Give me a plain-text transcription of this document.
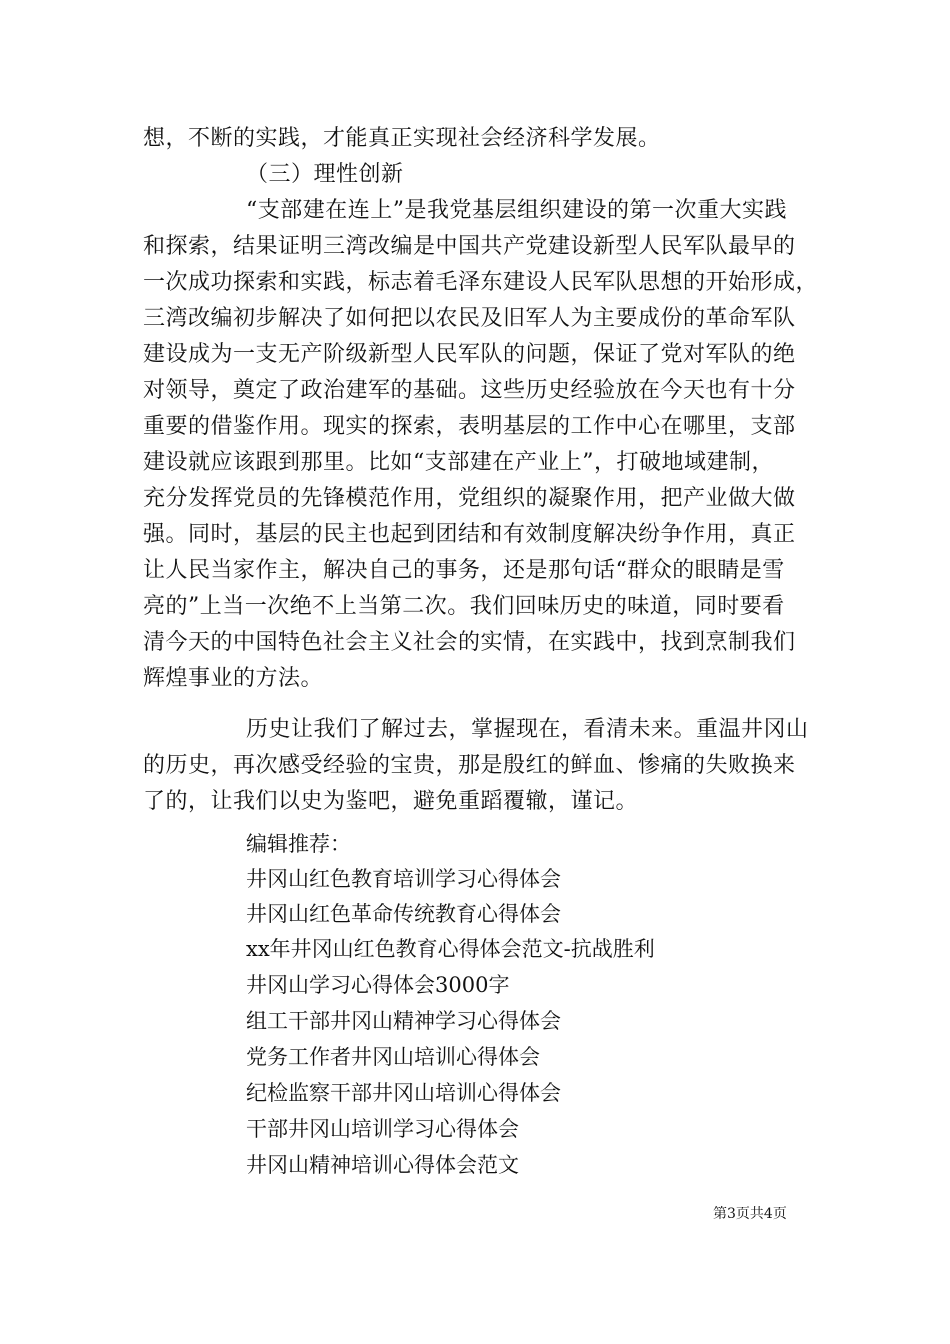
想，不断的实践，才能真正实现社会经济科学发展。
（三）理性创新
“支部建在连上”是我党基层组织建设的第一次重大实践
和探索，结果证明三湾改编是中国共产党建设新型人民军队最早的
一次成功探索和实践，标志着毛泽东建设人民军队思想的开始形成，
三湾改编初步解决了如何把以农民及旧军人为主要成份的革命军队
建设成为一支无产阶级新型人民军队的问题，保证了党对军队的绝
对领导，奠定了政治建军的基础。这些历史经验放在今天也有十分
重要的借鉴作用。现实的探索，表明基层的工作中心在哪里，支部
建设就应该跟到那里。比如“支部建在产业上”，打破地域建制，
充分发挥党员的先锋模范作用，党组织的凝聚作用，把产业做大做
强。同时，基层的民主也起到团结和有效制度解决纷争作用，真正
让人民当家作主，解决自己的事务，还是那句话“群众的眼睛是雪
亮的”上当一次绝不上当第二次。我们回味历史的味道，同时要看
清今天的中国特色社会主义社会的实情，在实践中，找到烹制我们
辉煌事业的方法。
历史让我们了解过去，掌握现在，看清未来。重温井冈山
的历史，再次感受经验的宝贵，那是殷红的鲜血、惨痛的失败换来
了的，让我们以史为鉴吧，避免重蹈覆辙，谨记。
编辑推荐：
井冈山红色教育培训学习心得体会
井冈山红色革命传统教育心得体会
xx年井冈山红色教育心得体会范文-抗战胜利
井冈山学习心得体会3000字
组工干部井冈山精神学习心得体会
党务工作者井冈山培训心得体会
纪检监察干部井冈山培训心得体会
干部井冈山培训学习心得体会
井冈山精神培训心得体会范文
第3页共4页
